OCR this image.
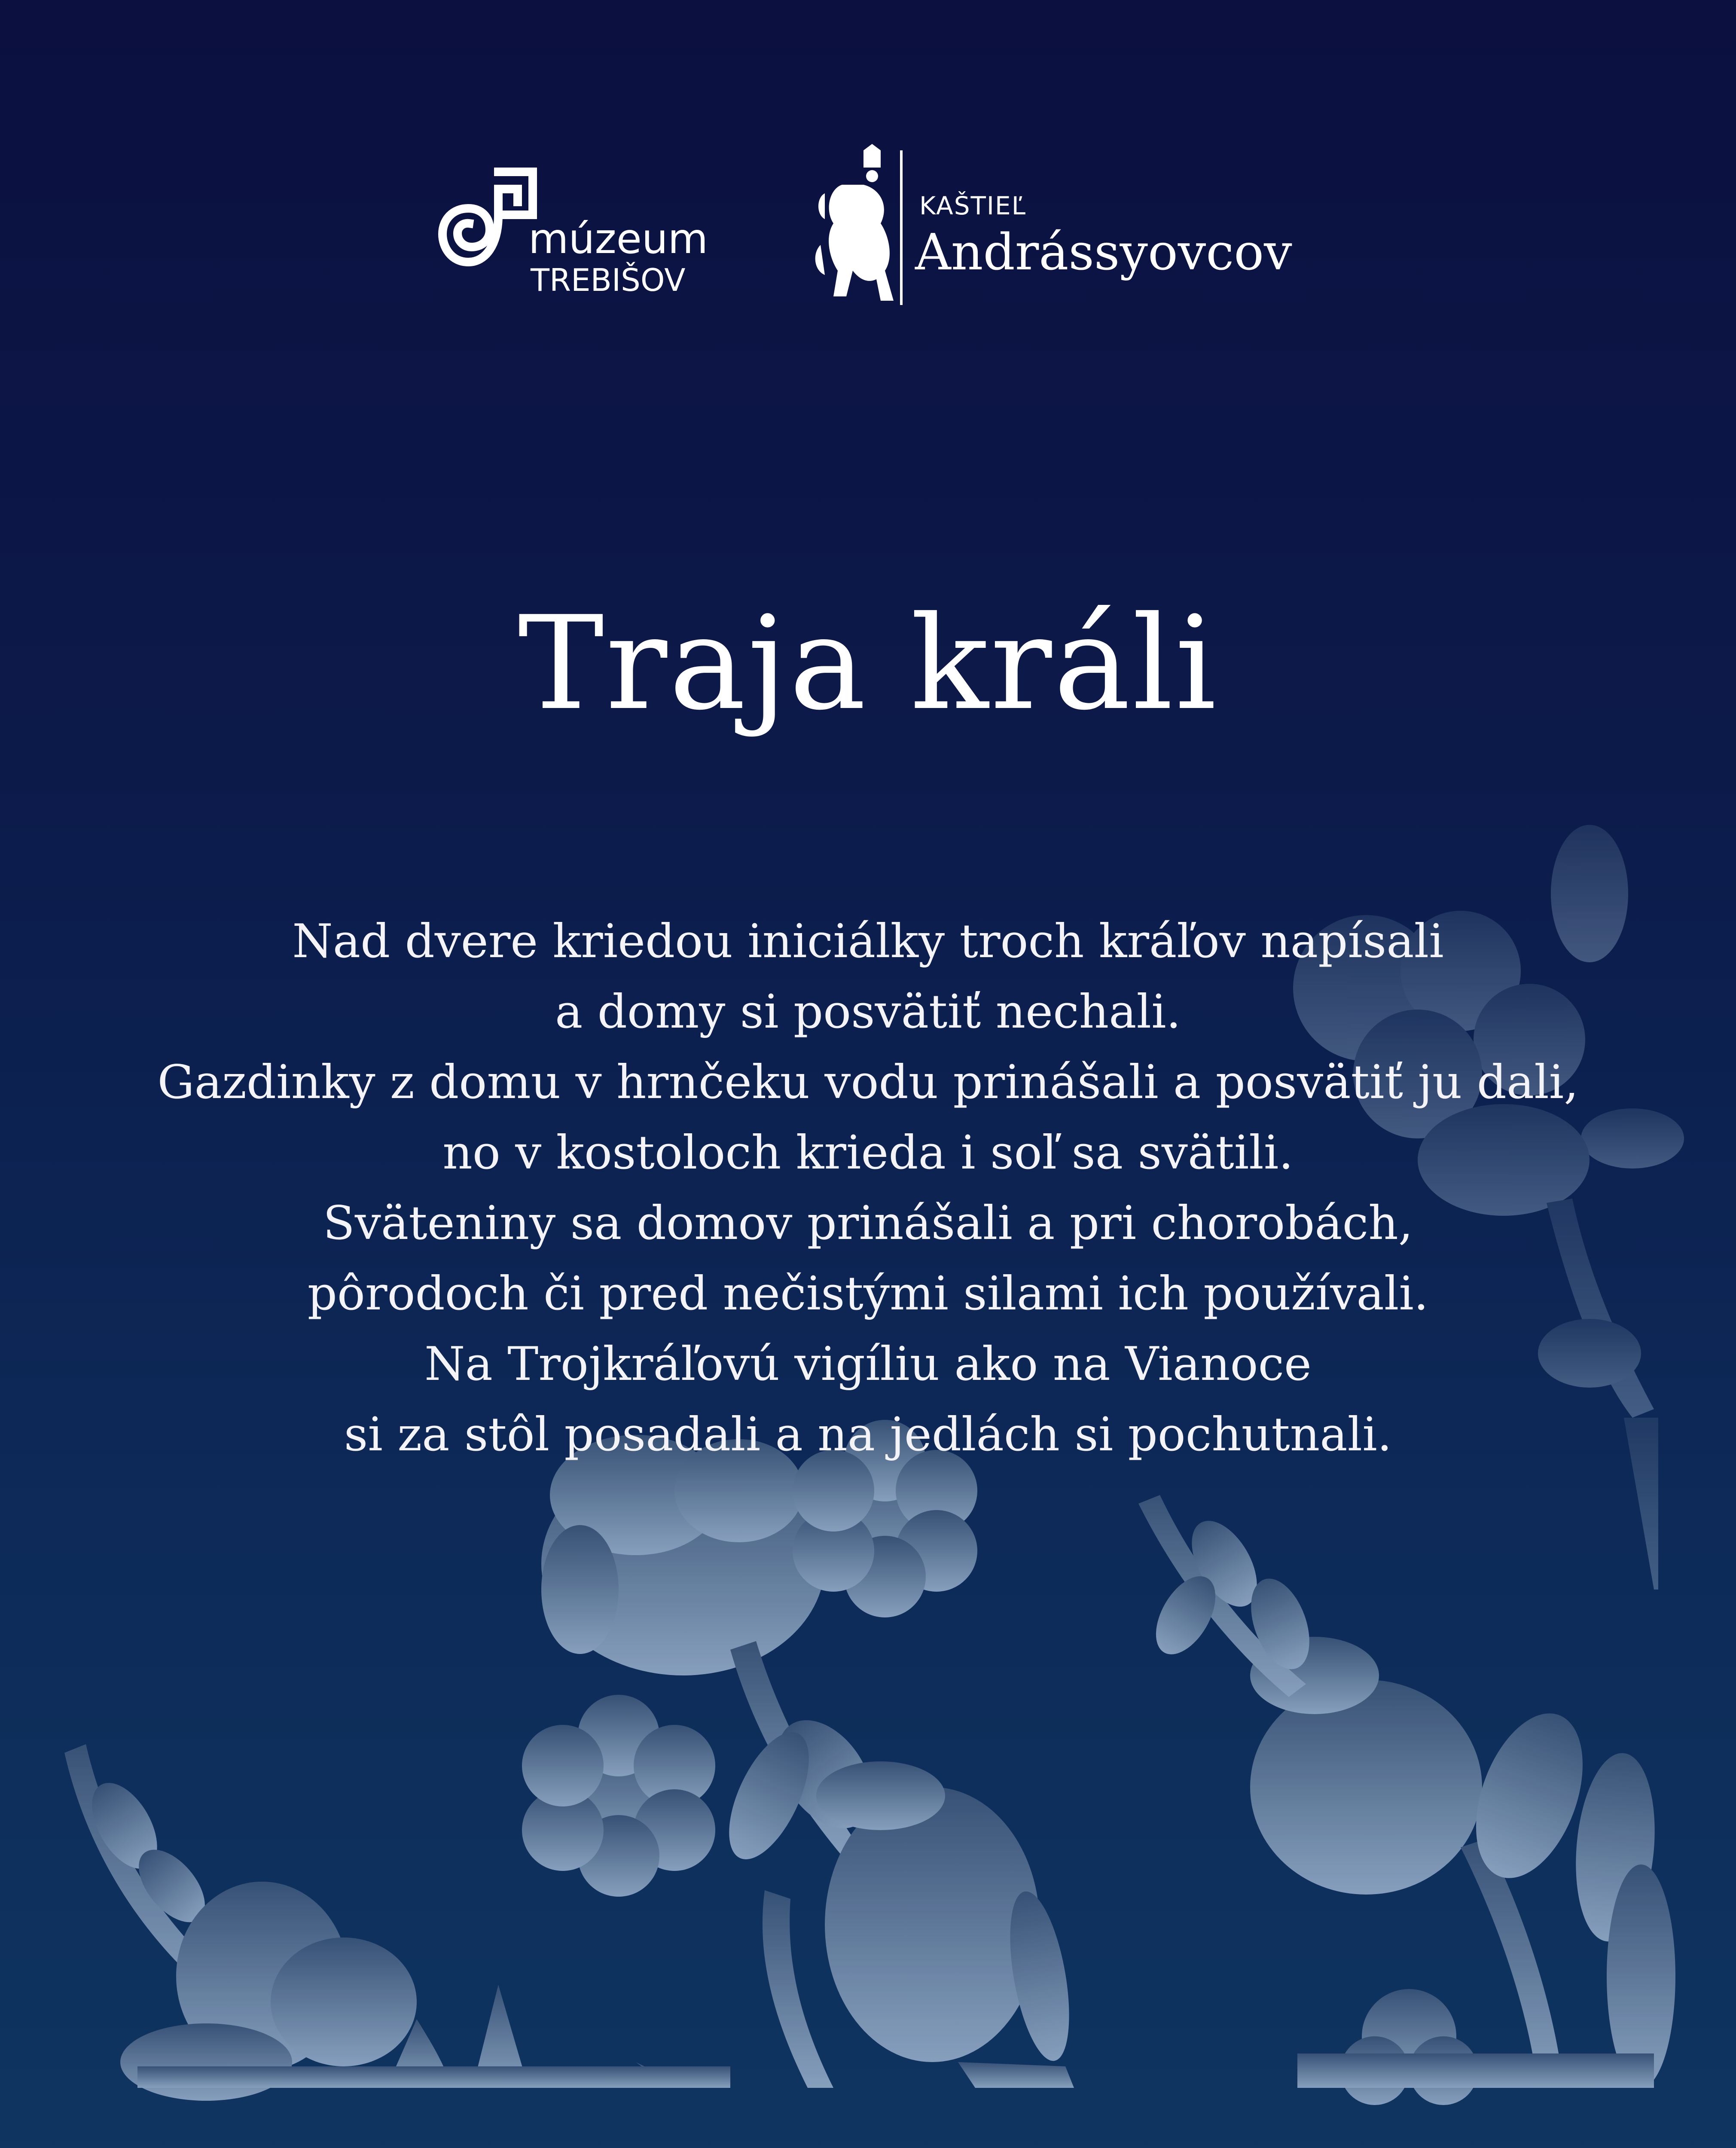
múzeum
TREBIŠOV
KAŠTIEĽ
Andrássyovcov
Traja králi
Nad dvere kriedou iniciálky troch kráľov napísali
a domy si posvätiť nechali.
Gazdinky z domu v hrnčeku vodu prinášali a posvätiť ju dali,
no v kostoloch krieda i soľ sa svätili.
Sväteniny sa domov prinášali a pri chorobách,
pôrodoch či pred nečistými silami ich používali.
Na Trojkráľovú vigíliu ako na Vianoce
si za stôl posadali a na jedlách si pochutnali.
